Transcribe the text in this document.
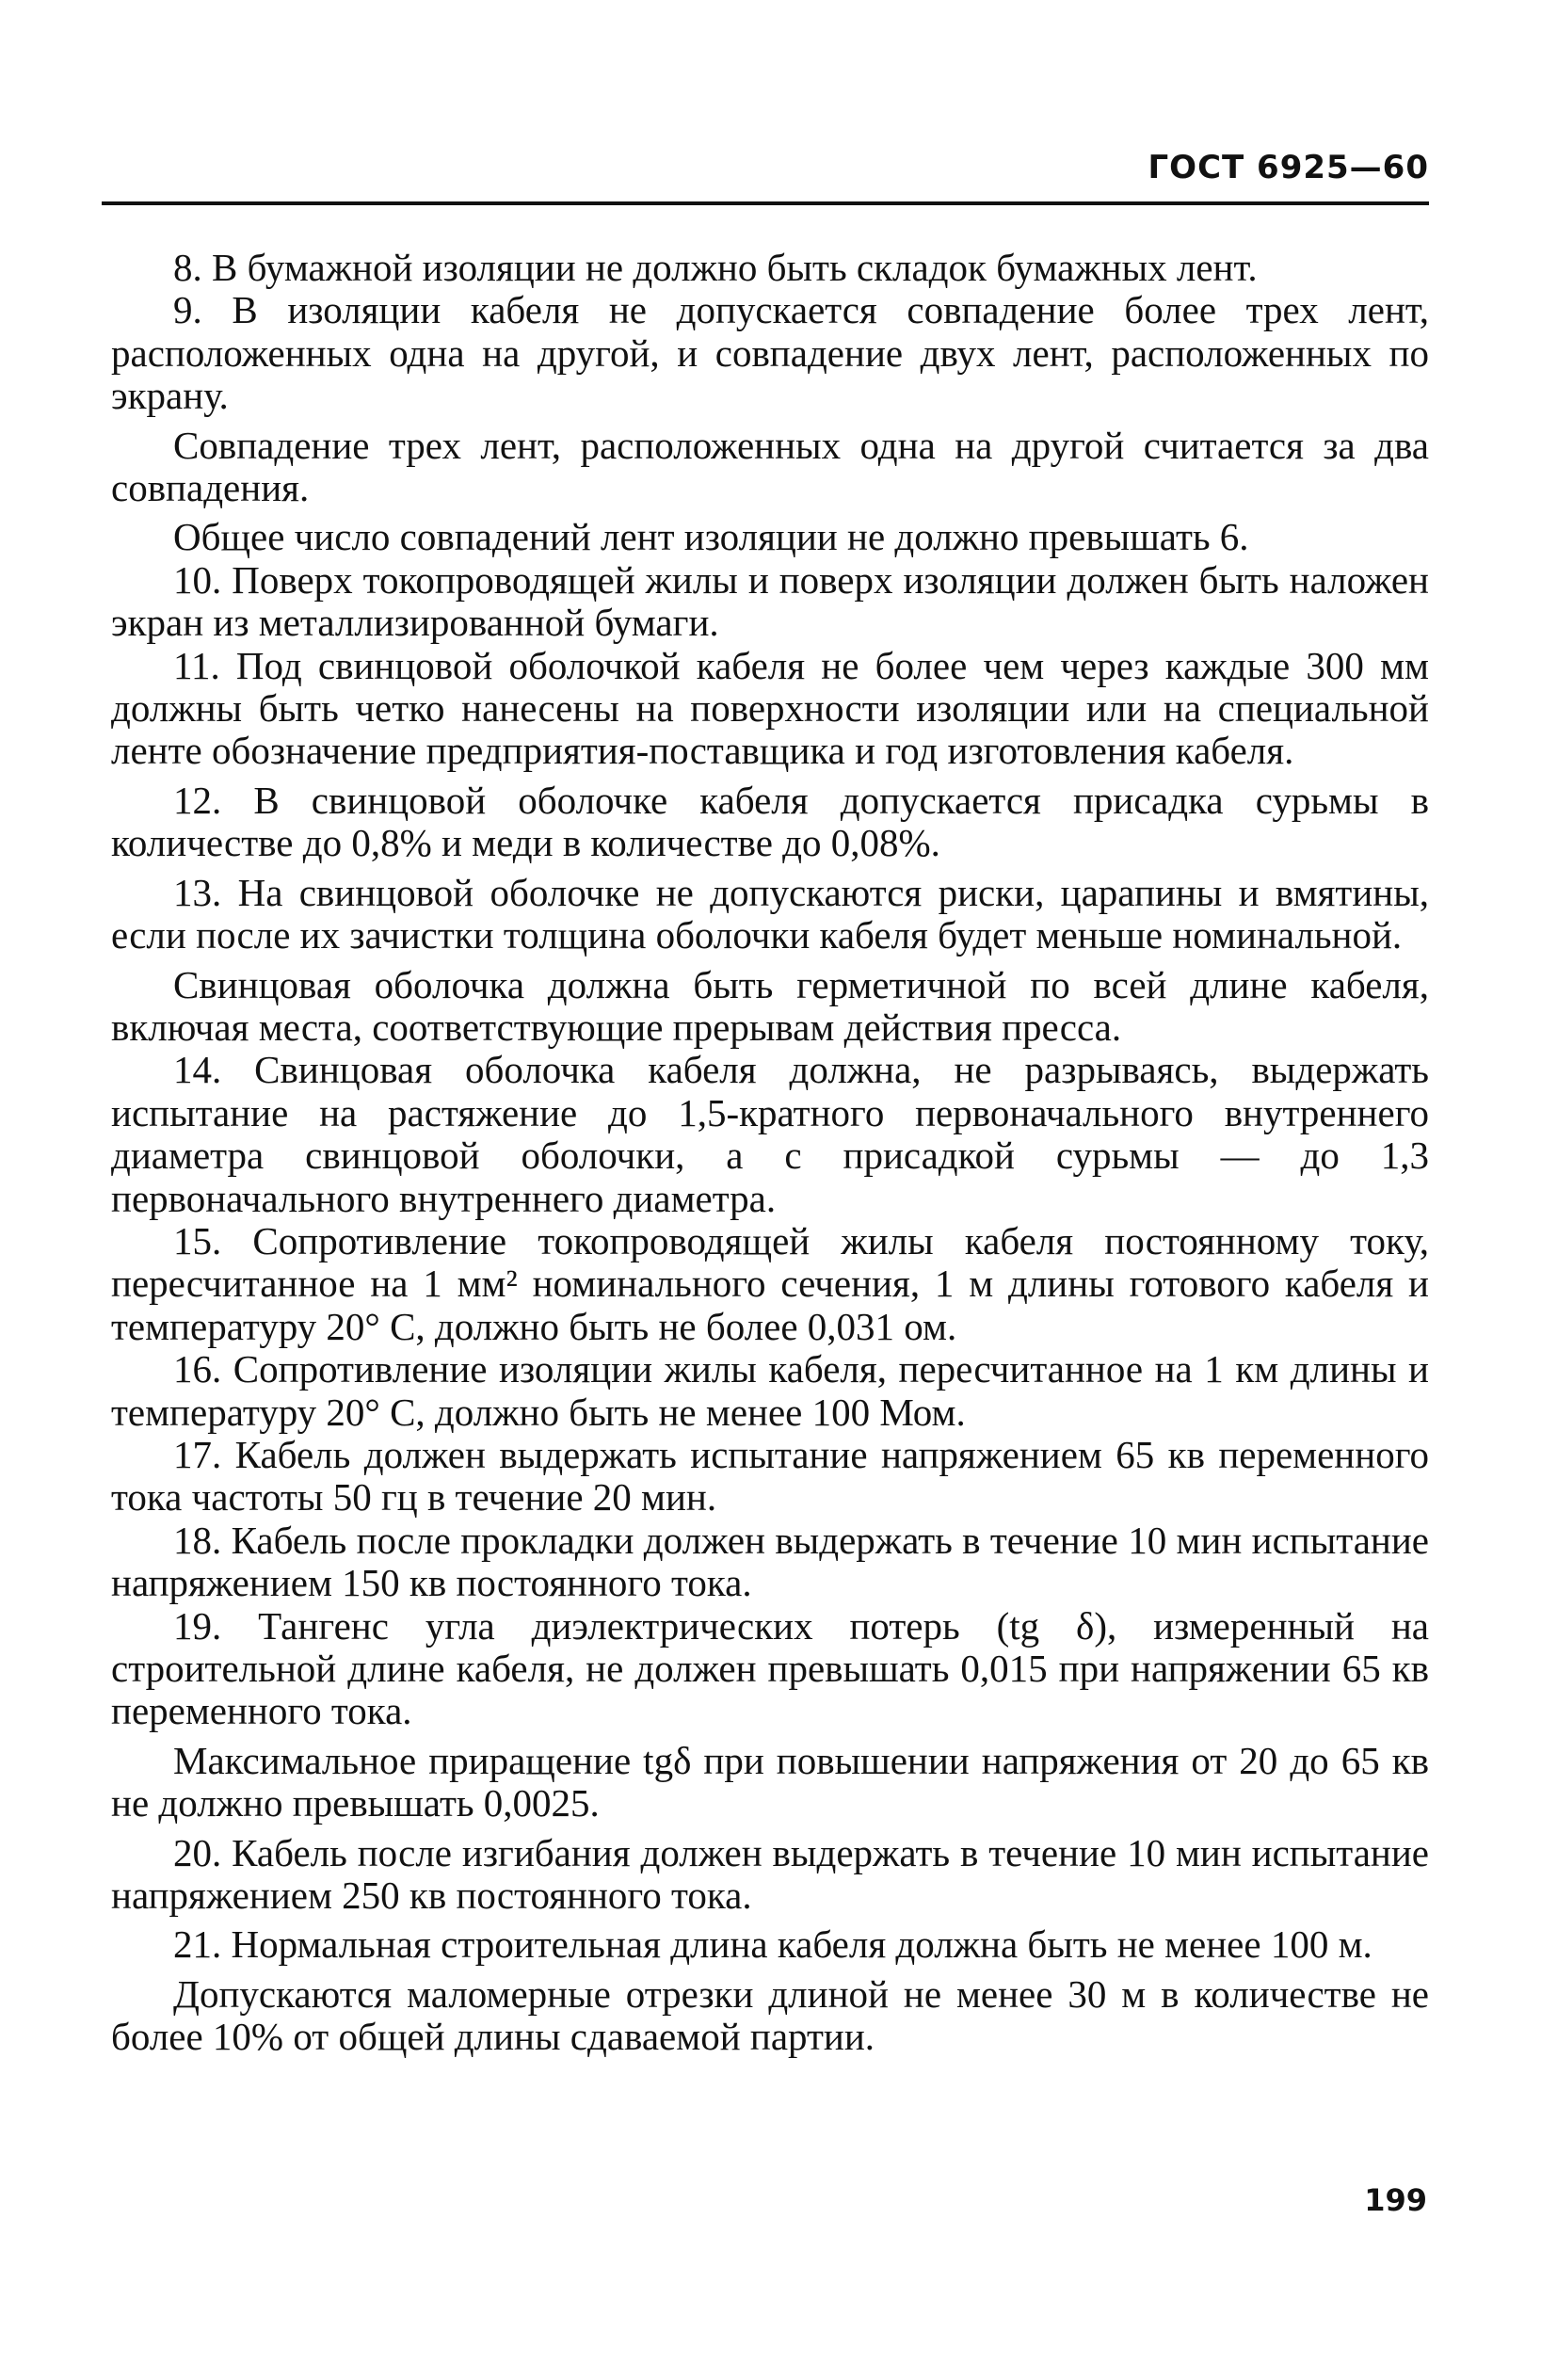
ГОСТ 6925—60

8. В бумажной изоляции не должно быть складок бумажных лент.

9. В изоляции кабеля не допускается совпадение более трех лент, расположенных одна на другой, и совпадение двух лент, расположенных по экрану.

Совпадение трех лент, расположенных одна на другой считается за два совпадения.

Общее число совпадений лент изоляции не должно превышать 6.

10. Поверх токопроводящей жилы и поверх изоляции должен быть наложен экран из металлизированной бумаги.

11. Под свинцовой оболочкой кабеля не более чем через каждые 300 мм должны быть четко нанесены на поверхности изоляции или на специальной ленте обозначение предприятия-поставщика и год изготовления кабеля.

12. В свинцовой оболочке кабеля допускается присадка сурьмы в количестве до 0,8% и меди в количестве до 0,08%.

13. На свинцовой оболочке не допускаются риски, царапины и вмятины, если после их зачистки толщина оболочки кабеля будет меньше номинальной.

Свинцовая оболочка должна быть герметичной по всей длине кабеля, включая места, соответствующие прерывам действия пресса.

14. Свинцовая оболочка кабеля должна, не разрываясь, выдержать испытание на растяжение до 1,5-кратного первоначального внутреннего диаметра свинцовой оболочки, а с присадкой сурьмы — до 1,3 первоначального внутреннего диаметра.

15. Сопротивление токопроводящей жилы кабеля постоянному току, пересчитанное на 1 мм² номинального сечения, 1 м длины готового кабеля и температуру 20° С, должно быть не более 0,031 ом.

16. Сопротивление изоляции жилы кабеля, пересчитанное на 1 км длины и температуру 20° С, должно быть не менее 100 Мом.

17. Кабель должен выдержать испытание напряжением 65 кв переменного тока частоты 50 гц в течение 20 мин.

18. Кабель после прокладки должен выдержать в течение 10 мин испытание напряжением 150 кв постоянного тока.

19. Тангенс угла диэлектрических потерь (tg δ), измеренный на строительной длине кабеля, не должен превышать 0,015 при напряжении 65 кв переменного тока.

Максимальное приращение tgδ при повышении напряжения от 20 до 65 кв не должно превышать 0,0025.

20. Кабель после изгибания должен выдержать в течение 10 мин испытание напряжением 250 кв постоянного тока.

21. Нормальная строительная длина кабеля должна быть не менее 100 м.

Допускаются маломерные отрезки длиной не менее 30 м в количестве не более 10% от общей длины сдаваемой партии.

199
